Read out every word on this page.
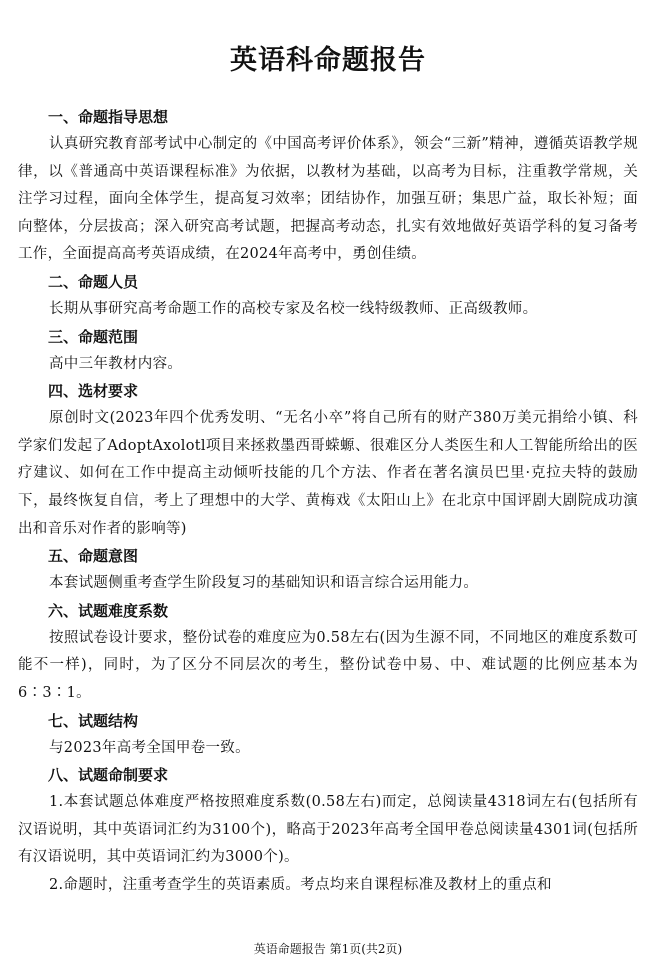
英语科命题报告
一、命题指导思想

认真研究教育部考试中心制定的《中国高考评价体系》，领会“三新”精神，遵循英语教学规律，以《普通高中英语课程标准》为依据，以教材为基础，以高考为目标，注重教学常规，关注学习过程，面向全体学生，提高复习效率；团结协作，加强互研；集思广益，取长补短；面向整体，分层拔高；深入研究高考试题，把握高考动态，扎实有效地做好英语学科的复习备考工作，全面提高高考英语成绩，在2024年高考中，勇创佳绩。

二、命题人员

长期从事研究高考命题工作的高校专家及名校一线特级教师、正高级教师。

三、命题范围

高中三年教材内容。

四、选材要求

原创时文(2023年四个优秀发明、“无名小卒”将自己所有的财产380万美元捐给小镇、科学家们发起了AdoptAxolotl项目来拯救墨西哥蝾螈、很难区分人类医生和人工智能所给出的医疗建议、如何在工作中提高主动倾听技能的几个方法、作者在著名演员巴里·克拉夫特的鼓励下，最终恢复自信，考上了理想中的大学、黄梅戏《太阳山上》在北京中国评剧大剧院成功演出和音乐对作者的影响等)

五、命题意图

本套试题侧重考查学生阶段复习的基础知识和语言综合运用能力。

六、试题难度系数

按照试卷设计要求，整份试卷的难度应为0.58左右(因为生源不同，不同地区的难度系数可能不一样)，同时，为了区分不同层次的考生，整份试卷中易、中、难试题的比例应基本为6∶3∶1。

七、试题结构

与2023年高考全国甲卷一致。

八、试题命制要求

1.本套试题总体难度严格按照难度系数(0.58左右)而定，总阅读量4318词左右(包括所有汉语说明，其中英语词汇约为3100个)，略高于2023年高考全国甲卷总阅读量4301词(包括所有汉语说明，其中英语词汇约为3000个)。

2.命题时，注重考查学生的英语素质。考点均来自课程标准及教材上的重点和

英语命题报告 第1页(共2页)
